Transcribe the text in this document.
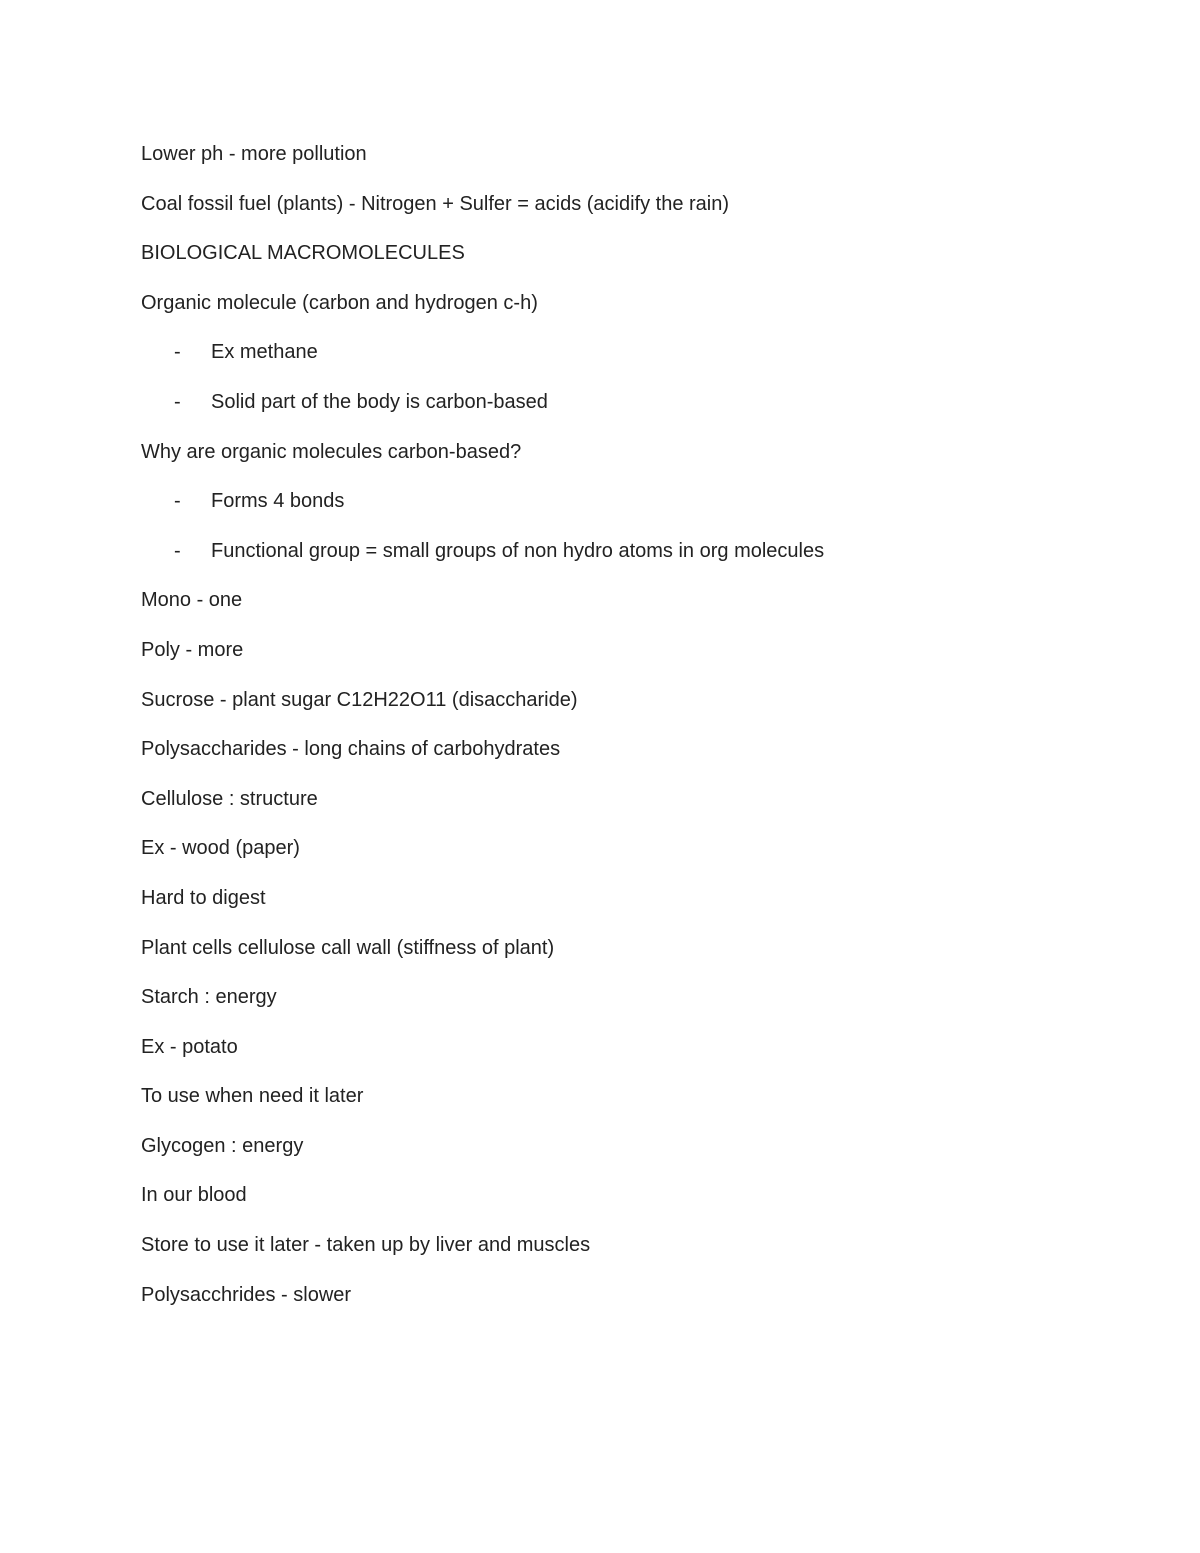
Lower ph - more pollution
Coal fossil fuel (plants) - Nitrogen + Sulfer = acids (acidify the rain)
BIOLOGICAL MACROMOLECULES
Organic molecule (carbon and hydrogen c-h)
- Ex methane
- Solid part of the body is carbon-based
Why are organic molecules carbon-based?
- Forms 4 bonds
- Functional group = small groups of non hydro atoms in org molecules
Mono - one
Poly - more
Sucrose - plant sugar C12H22O11 (disaccharide)
Polysaccharides - long chains of carbohydrates
Cellulose : structure
Ex - wood (paper)
Hard to digest
Plant cells cellulose call wall (stiffness of plant)
Starch : energy
Ex - potato
To use when need it later
Glycogen : energy
In our blood
Store to use it later - taken up by liver and muscles
Polysacchrides - slower
